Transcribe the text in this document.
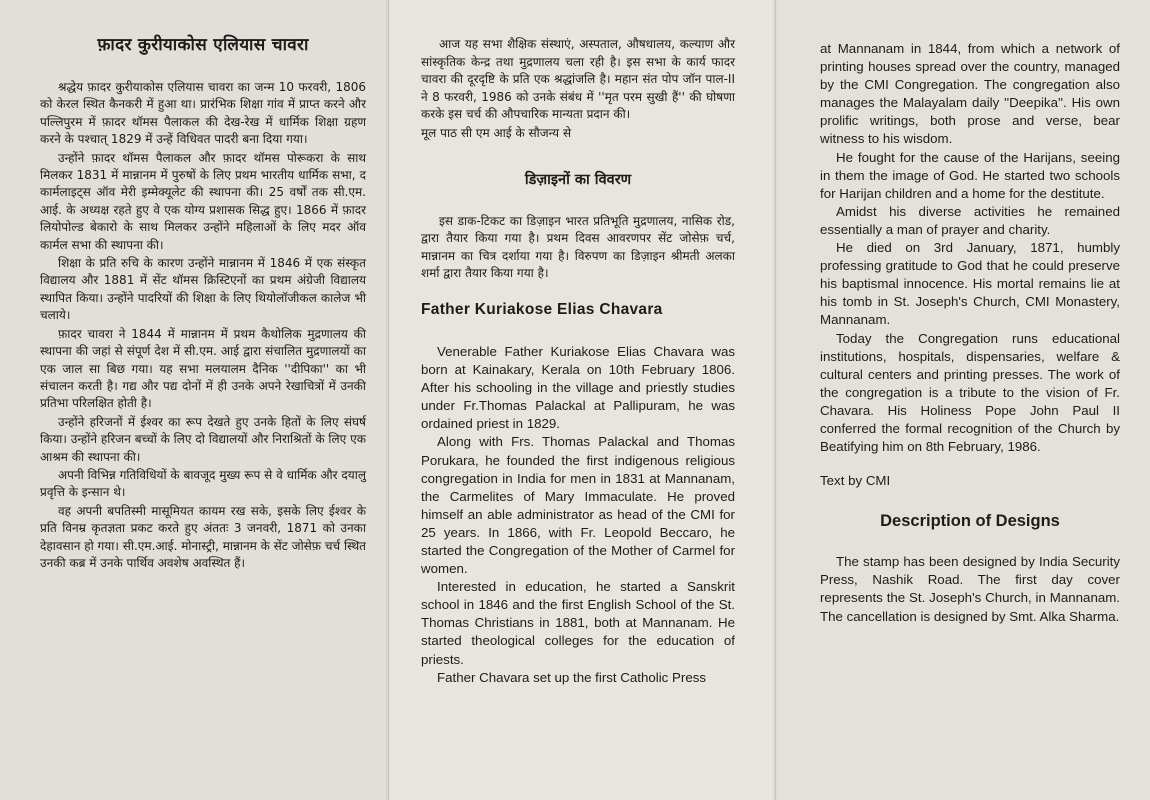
फ़ादर कुरीयाकोस एलियास चावरा

श्रद्धेय फ़ादर कुरीयाकोस एलियास चावरा का जन्म 10 फरवरी, 1806 को केरल स्थित कैनकरी में हुआ था। प्रारंभिक शिक्षा गांव में प्राप्त करने और पल्लिपुरम में फ़ादर थॉमस पैलाकल की देख-रेख में धार्मिक शिक्षा ग्रहण करने के पश्चात् 1829 में उन्हें विधिवत पादरी बना दिया गया।

उन्होंने फ़ादर थॉमस पैलाकल और फ़ादर थॉमस पोरूकरा के साथ मिलकर 1831 में मान्नानम में पुरुषों के लिए प्रथम भारतीय धार्मिक सभा, द कार्मलाइट्स ऑव मेरी इम्मेक्यूलेट की स्थापना की। 25 वर्षों तक सी.एम. आई. के अध्यक्ष रहते हुए वे एक योग्य प्रशासक सिद्ध हुए। 1866 में फ़ादर लियोपोल्ड बेकारो के साथ मिलकर उन्होंने महिलाओं के लिए मदर ऑव कार्मल सभा की स्थापना की।

शिक्षा के प्रति रुचि के कारण उन्होंने मान्नानम में 1846 में एक संस्कृत विद्यालय और 1881 में सेंट थॉमस क्रिस्टिएनों का प्रथम अंग्रेजी विद्यालय स्थापित किया। उन्होंने पादरियों की शिक्षा के लिए थियोलॉजीकल कालेज भी चलाये।

फ़ादर चावरा ने 1844 में मान्नानम में प्रथम कैथोलिक मुद्रणालय की स्थापना की जहां से संपूर्ण देश में सी.एम. आई द्वारा संचालित मुद्रणालयों का एक जाल सा बिछ गया। यह सभा मलयालम दैनिक ''दीपिका'' का भी संचालन करती है। गद्य और पद्य दोनों में ही उनके अपने रेखाचित्रों में उनकी प्रतिभा परिलक्षित होती है।

उन्होंने हरिजनों में ईश्वर का रूप देखते हुए उनके हितों के लिए संघर्ष किया। उन्होंने हरिजन बच्चों के लिए दो विद्यालयों और निराश्रितों के लिए एक आश्रम की स्थापना की।

अपनी विभिन्न गतिविधियों के बावजूद मुख्य रूप से वे धार्मिक और दयालु प्रवृत्ति के इन्सान थे।

वह अपनी बपतिस्मी मासूमियत कायम रख सके, इसके लिए ईश्वर के प्रति विनम्र कृतज्ञता प्रकट करते हुए अंततः 3 जनवरी, 1871 को उनका देहावसान हो गया। सी.एम.आई. मोनास्ट्री, मान्नानम के सेंट जोसेफ़ चर्च स्थित उनकी कब्र में उनके पार्थिव अवशेष अवस्थित हैं।

आज यह सभा शैक्षिक संस्थाएं, अस्पताल, औषधालय, कल्याण और सांस्कृतिक केन्द्र तथा मुद्रणालय चला रही है। इस सभा के कार्य फादर चावरा की दूरदृष्टि के प्रति एक श्रद्धांजलि है। महान संत पोप जॉन पाल-II ने 8 फरवरी, 1986 को उनके संबंध में ''मृत परम सुखी हैं'' की घोषणा करके इस चर्च की औपचारिक मान्यता प्रदान की।

मूल पाठ सी एम आई के सौजन्य से

डिज़ाइनों का विवरण

इस डाक-टिकट का डिज़ाइन भारत प्रतिभूति मुद्रणालय, नासिक रोड, द्वारा तैयार किया गया है। प्रथम दिवस आवरणपर सेंट जोसेफ़ चर्च, मान्नानम का चित्र दर्शाया गया है। विरुपण का डिज़ाइन श्रीमती अलका शर्मा द्वारा तैयार किया गया है।

Father Kuriakose Elias Chavara

Venerable Father Kuriakose Elias Chavara was born at Kainakary, Kerala on 10th February 1806. After his schooling in the village and priestly studies under Fr.Thomas Palackal at Pallipuram, he was ordained priest in 1829.

Along with Frs. Thomas Palackal and Thomas Porukara, he founded the first indigenous religious congregation in India for men in 1831 at Mannanam, the Carmelites of Mary Immaculate. He proved himself an able administrator as head of the CMI for 25 years. In 1866, with Fr. Leopold Beccaro, he started the Congregation of the Mother of Carmel for women.

Interested in education, he started a Sanskrit school in 1846 and the first English School of the St. Thomas Christians in 1881, both at Mannanam. He started theological colleges for the education of priests.

Father Chavara set up the first Catholic Press

at Mannanam in 1844, from which a network of printing houses spread over the country, managed by the CMI Congregation. The congregation also manages the Malayalam daily ''Deepika''. His own prolific writings, both prose and verse, bear witness to his wisdom.

He fought for the cause of the Harijans, seeing in them the image of God. He started two schools for Harijan children and a home for the destitute.

Amidst his diverse activities he remained essentially a man of prayer and charity.

He died on 3rd January, 1871, humbly professing gratitude to God that he could preserve his baptismal innocence. His mortal remains lie at his tomb in St. Joseph's Church, CMI Monastery, Mannanam.

Today the Congregation runs educational institutions, hospitals, dispensaries, welfare & cultural centers and printing presses. The work of the congregation is a tribute to the vision of Fr. Chavara. His Holiness Pope John Paul II conferred the formal recognition of the Church by Beatifying him on 8th February, 1986.

Text by CMI

Description of Designs

The stamp has been designed by India Security Press, Nashik Road. The first day cover represents the St. Joseph's Church, in Mannanam. The cancellation is designed by Smt. Alka Sharma.
